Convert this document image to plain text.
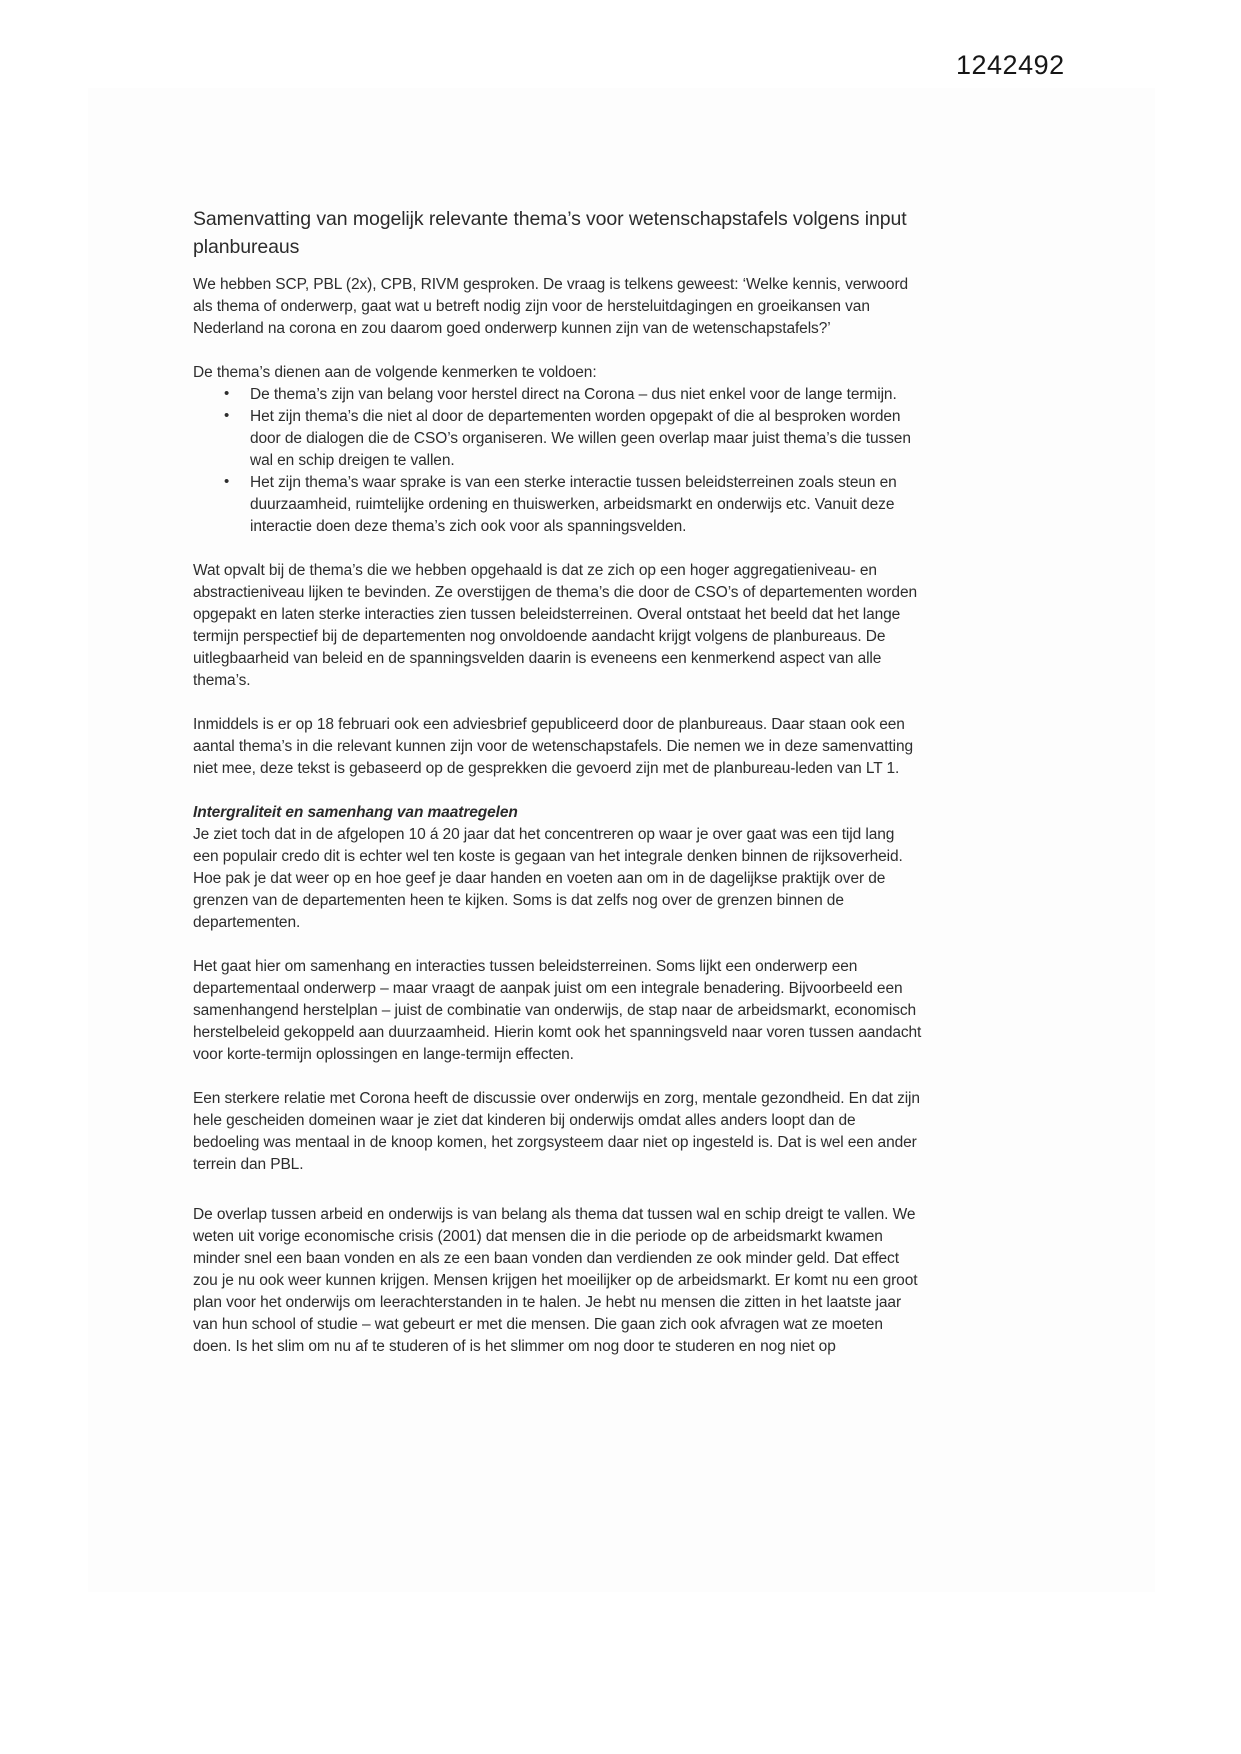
1242492
Samenvatting van mogelijk relevante thema’s voor wetenschapstafels volgens input planbureaus

We hebben SCP, PBL (2x), CPB, RIVM gesproken. De vraag is telkens geweest: ‘Welke kennis, verwoord als thema of onderwerp, gaat wat u betreft nodig zijn voor de hersteluitdagingen en groeikansen van Nederland na corona en zou daarom goed onderwerp kunnen zijn van de wetenschapstafels?’

De thema’s dienen aan de volgende kenmerken te voldoen:

• De thema’s zijn van belang voor herstel direct na Corona – dus niet enkel voor de lange termijn.
• Het zijn thema’s die niet al door de departementen worden opgepakt of die al besproken worden door de dialogen die de CSO’s organiseren. We willen geen overlap maar juist thema’s die tussen wal en schip dreigen te vallen.
• Het zijn thema’s waar sprake is van een sterke interactie tussen beleidsterreinen zoals steun en duurzaamheid, ruimtelijke ordening en thuiswerken, arbeidsmarkt en onderwijs etc. Vanuit deze interactie doen deze thema’s zich ook voor als spanningsvelden.

Wat opvalt bij de thema’s die we hebben opgehaald is dat ze zich op een hoger aggregatieniveau- en abstractieniveau lijken te bevinden. Ze overstijgen de thema’s die door de CSO’s of departementen worden opgepakt en laten sterke interacties zien tussen beleidsterreinen. Overal ontstaat het beeld dat het lange termijn perspectief bij de departementen nog onvoldoende aandacht krijgt volgens de planbureaus. De uitlegbaarheid van beleid en de spanningsvelden daarin is eveneens een kenmerkend aspect van alle thema’s.

Inmiddels is er op 18 februari ook een adviesbrief gepubliceerd door de planbureaus. Daar staan ook een aantal thema’s in die relevant kunnen zijn voor de wetenschapstafels. Die nemen we in deze samenvatting niet mee, deze tekst is gebaseerd op de gesprekken die gevoerd zijn met de planbureau-leden van LT 1.

Intergraliteit en samenhang van maatregelen

Je ziet toch dat in de afgelopen 10 á 20 jaar dat het concentreren op waar je over gaat was een tijd lang een populair credo dit is echter wel ten koste is gegaan van het integrale denken binnen de rijksoverheid. Hoe pak je dat weer op en hoe geef je daar handen en voeten aan om in de dagelijkse praktijk over de grenzen van de departementen heen te kijken. Soms is dat zelfs nog over de grenzen binnen de departementen.

Het gaat hier om samenhang en interacties tussen beleidsterreinen. Soms lijkt een onderwerp een departementaal onderwerp – maar vraagt de aanpak juist om een integrale benadering. Bijvoorbeeld een samenhangend herstelplan – juist de combinatie van onderwijs, de stap naar de arbeidsmarkt, economisch herstelbeleid gekoppeld aan duurzaamheid. Hierin komt ook het spanningsveld naar voren tussen aandacht voor korte-termijn oplossingen en lange-termijn effecten.

Een sterkere relatie met Corona heeft de discussie over onderwijs en zorg, mentale gezondheid. En dat zijn hele gescheiden domeinen waar je ziet dat kinderen bij onderwijs omdat alles anders loopt dan de bedoeling was mentaal in de knoop komen, het zorgsysteem daar niet op ingesteld is. Dat is wel een ander terrein dan PBL.

De overlap tussen arbeid en onderwijs is van belang als thema dat tussen wal en schip dreigt te vallen. We weten uit vorige economische crisis (2001) dat mensen die in die periode op de arbeidsmarkt kwamen minder snel een baan vonden en als ze een baan vonden dan verdienden ze ook minder geld. Dat effect zou je nu ook weer kunnen krijgen. Mensen krijgen het moeilijker op de arbeidsmarkt. Er komt nu een groot plan voor het onderwijs om leerachterstanden in te halen. Je hebt nu mensen die zitten in het laatste jaar van hun school of studie – wat gebeurt er met die mensen. Die gaan zich ook afvragen wat ze moeten doen. Is het slim om nu af te studeren of is het slimmer om nog door te studeren en nog niet op
